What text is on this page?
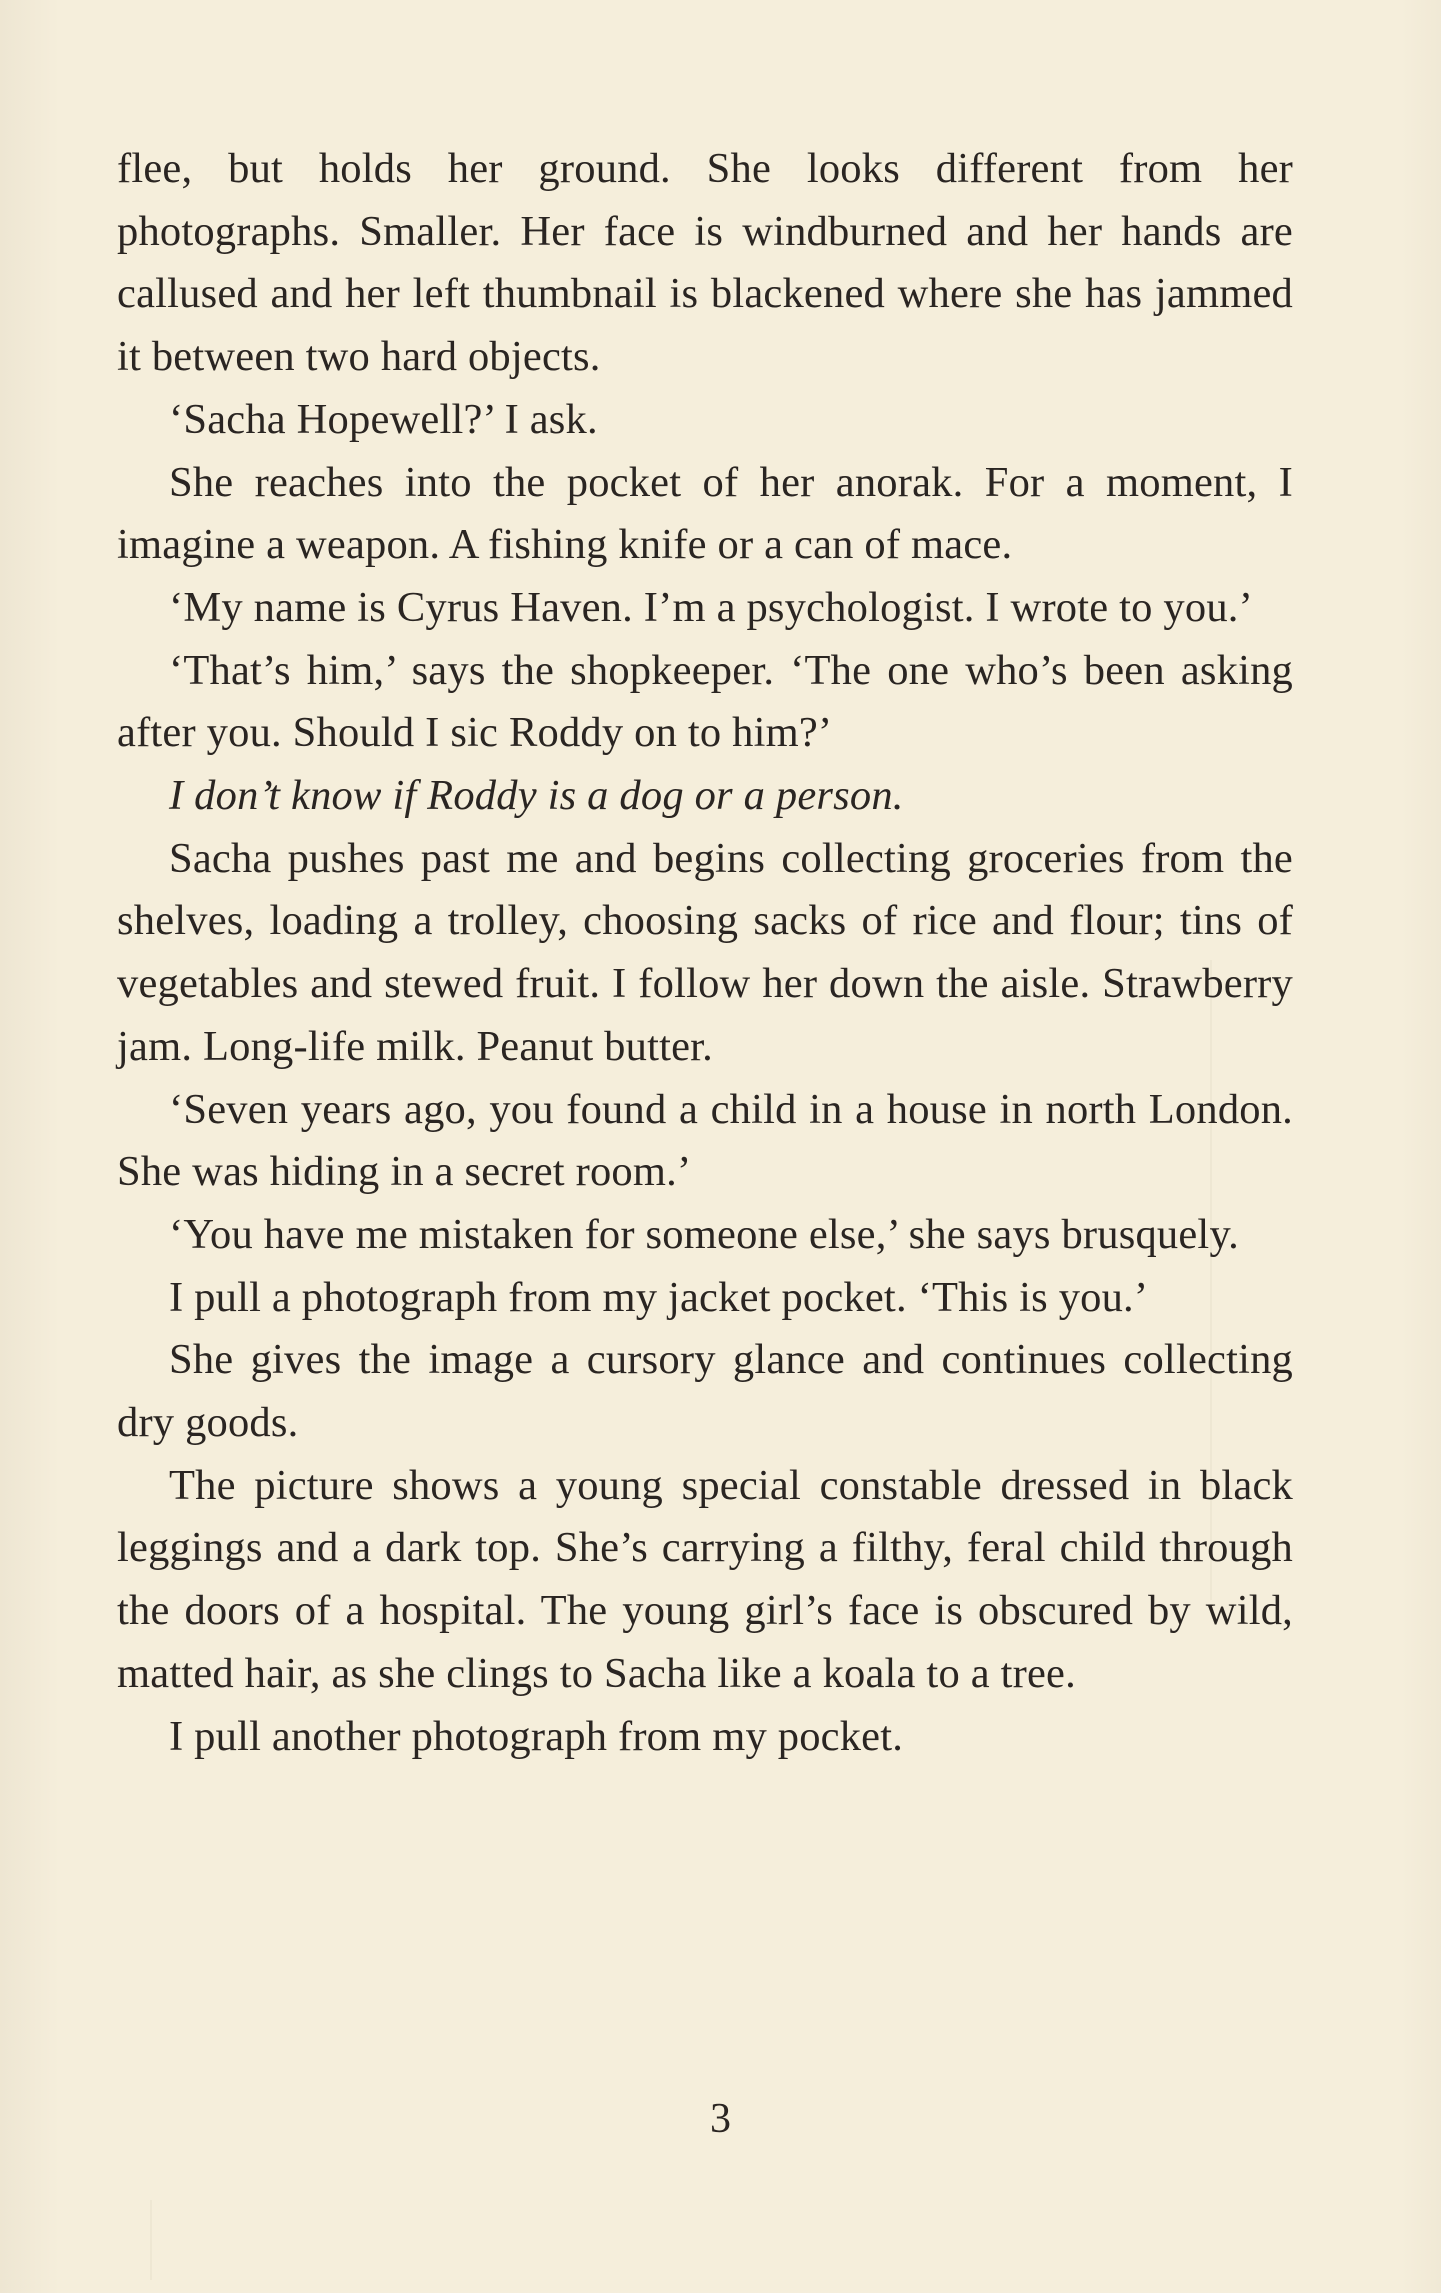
flee, but holds her ground. She looks different from her photographs. Smaller. Her face is windburned and her hands are callused and her left thumbnail is blackened where she has jammed it between two hard objects.

‘Sacha Hopewell?’ I ask.

She reaches into the pocket of her anorak. For a moment, I imagine a weapon. A fishing knife or a can of mace.

‘My name is Cyrus Haven. I’m a psychologist. I wrote to you.’

‘That’s him,’ says the shopkeeper. ‘The one who’s been asking after you. Should I sic Roddy on to him?’

I don’t know if Roddy is a dog or a person.

Sacha pushes past me and begins collecting groceries from the shelves, loading a trolley, choosing sacks of rice and flour; tins of vegetables and stewed fruit. I follow her down the aisle. Strawberry jam. Long-life milk. Peanut butter.

‘Seven years ago, you found a child in a house in north London. She was hiding in a secret room.’

‘You have me mistaken for someone else,’ she says brusquely.

I pull a photograph from my jacket pocket. ‘This is you.’

She gives the image a cursory glance and continues collecting dry goods.

The picture shows a young special constable dressed in black leggings and a dark top. She’s carrying a filthy, feral child through the doors of a hospital. The young girl’s face is obscured by wild, matted hair, as she clings to Sacha like a koala to a tree.

I pull another photograph from my pocket.

3
